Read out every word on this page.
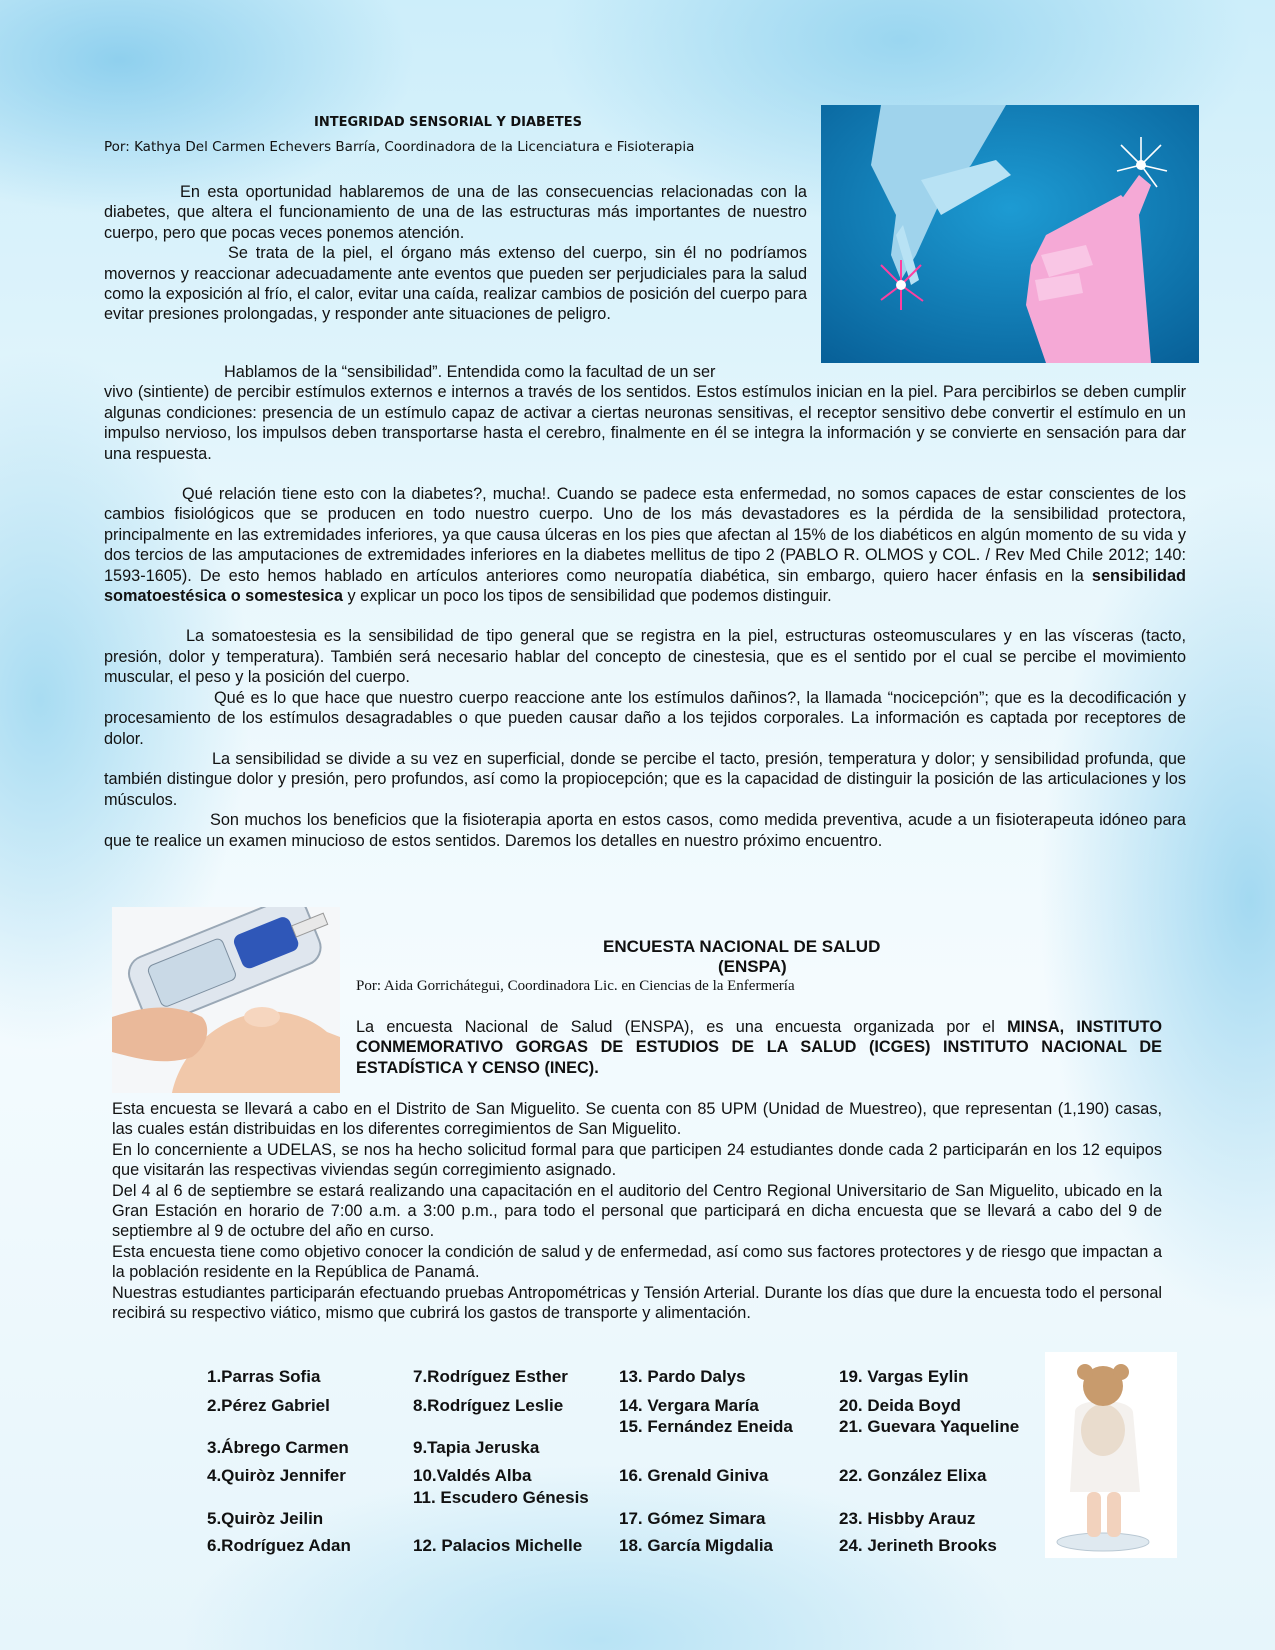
INTEGRIDAD SENSORIAL Y DIABETES
Por: Kathya Del Carmen Echevers Barría, Coordinadora de la Licenciatura e Fisioterapia
En esta oportunidad hablaremos de una de las consecuencias relacionadas con la diabetes, que altera el funcionamiento de una de las estructuras más importantes de nuestro cuerpo, pero que pocas veces ponemos atención.
Se trata de la piel, el órgano más extenso del cuerpo, sin él no podríamos movernos y reaccionar adecuadamente ante eventos que pueden ser perjudiciales para la salud como la exposición al frío, el calor, evitar una caída, realizar cambios de posición del cuerpo para evitar presiones prolongadas, y responder ante situaciones de peligro.
Hablamos de la “sensibilidad”. Entendida como la facultad de un ser
vivo (sintiente) de percibir estímulos externos e internos a través de los sentidos. Estos estímulos inician en la piel. Para percibirlos se deben cumplir algunas condiciones: presencia de un estímulo capaz de activar a ciertas neuronas sensitivas, el receptor sensitivo debe convertir el estímulo en un impulso nervioso, los impulsos deben transportarse hasta el cerebro, finalmente en él se integra la información y se convierte en sensación para dar una respuesta.
Qué relación tiene esto con la diabetes?, mucha!. Cuando se padece esta enfermedad, no somos capaces de estar conscientes de los cambios fisiológicos que se producen en todo nuestro cuerpo. Uno de los más devastadores es la pérdida de la sensibilidad protectora, principalmente en las extremidades inferiores, ya que causa úlceras en los pies que afectan al 15% de los diabéticos en algún momento de su vida y dos tercios de las amputaciones de extremidades inferiores en la diabetes mellitus de tipo 2 (PABLO R. OLMOS y COL. / Rev Med Chile 2012; 140: 1593-1605). De esto hemos hablado en artículos anteriores como neuropatía diabética, sin embargo, quiero hacer énfasis en la sensibilidad somatoestésica o somestesica y explicar un poco los tipos de sensibilidad que podemos distinguir.
La somatoestesia es la sensibilidad de tipo general que se registra en la piel, estructuras osteomusculares y en las vísceras (tacto, presión, dolor y temperatura). También será necesario hablar del concepto de cinestesia, que es el sentido por el cual se percibe el movimiento muscular, el peso y la posición del cuerpo.
Qué es lo que hace que nuestro cuerpo reaccione ante los estímulos dañinos?, la llamada “nocicepción”; que es la decodificación y procesamiento de los estímulos desagradables o que pueden causar daño a los tejidos corporales. La información es captada por receptores de dolor.
La sensibilidad se divide a su vez en superficial, donde se percibe el tacto, presión, temperatura y dolor; y sensibilidad profunda, que también distingue dolor y presión, pero profundos, así como la propiocepción; que es la capacidad de distinguir la posición de las articulaciones y los músculos.
Son muchos los beneficios que la fisioterapia aporta en estos casos, como medida preventiva, acude a un fisioterapeuta idóneo para que te realice un examen minucioso de estos sentidos. Daremos los detalles en nuestro próximo encuentro.
ENCUESTA NACIONAL DE SALUD
(ENSPA)
Por: Aida Gorrichátegui, Coordinadora Lic. en Ciencias de la Enfermería
La encuesta Nacional de Salud (ENSPA), es una encuesta organizada por el MINSA, INSTITUTO CONMEMORATIVO GORGAS DE ESTUDIOS DE LA SALUD (ICGES) INSTITUTO NACIONAL DE ESTADÍSTICA Y CENSO (INEC).
Esta encuesta se llevará a cabo en el Distrito de San Miguelito. Se cuenta con 85 UPM (Unidad de Muestreo), que representan (1,190) casas, las cuales están distribuidas en los diferentes corregimientos de San Miguelito.
En lo concerniente a UDELAS, se nos ha hecho solicitud formal para que participen 24 estudiantes donde cada 2 participarán en los 12 equipos que visitarán las respectivas viviendas según corregimiento asignado.
Del 4 al 6 de septiembre se estará realizando una capacitación en el auditorio del Centro Regional Universitario de San Miguelito, ubicado en la Gran Estación en horario de 7:00 a.m. a 3:00 p.m., para todo el personal que participará en dicha encuesta que se llevará a cabo del 9 de septiembre al 9 de octubre del año en curso.
Esta encuesta tiene como objetivo conocer la condición de salud y de enfermedad, así como sus factores protectores y de riesgo que impactan a la población residente en la República de Panamá.
Nuestras estudiantes participarán efectuando pruebas Antropométricas y Tensión Arterial. Durante los días que dure la encuesta todo el personal recibirá su respectivo viático, mismo que cubrirá los gastos de transporte y alimentación.
1.Parras Sofia
2.Pérez Gabriel
3.Ábrego Carmen
4.Quiròz Jennifer
5.Quiròz Jeilin
6.Rodríguez Adan
7.Rodríguez Esther
8.Rodríguez Leslie
9.Tapia Jeruska
10.Valdés Alba
11. Escudero Génesis
12. Palacios Michelle
13. Pardo Dalys
14. Vergara María
15. Fernández Eneida
16. Grenald Giniva
17. Gómez Simara
18. García Migdalia
19. Vargas Eylin
20. Deida Boyd
21. Guevara Yaqueline
22. González Elixa
23. Hisbby Arauz
24. Jerineth Brooks
